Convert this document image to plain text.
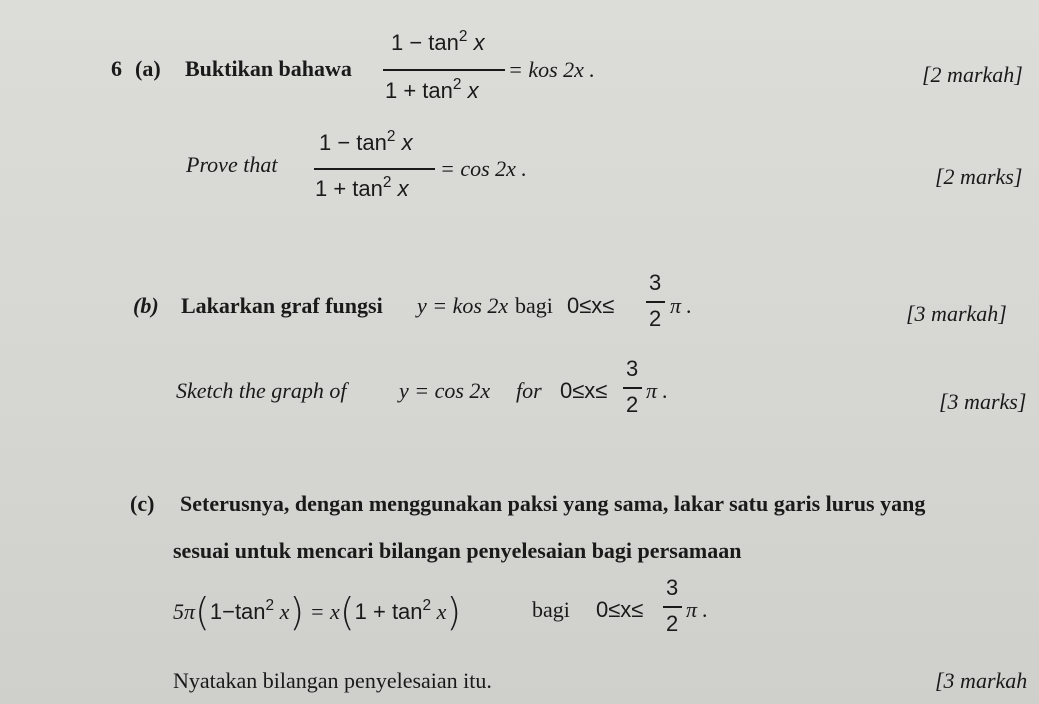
6 (a) Buktikan bahawa
$1 - \tan^2 x$
$1 + \tan^2 x$
= kos 2x .	[2 markah]
Prove that
$1 - \tan^2 x$
$1 + \tan^2 x$
= cos 2x .	[2 marks]
(b) Lakarkan graf fungsi y = kos 2x bagi 0≤x≤
3
2
π .	[3 markah]
Sketch the graph of y = cos 2x for 0≤x≤
3
2
π .	[3 marks]
(c) Seterusnya, dengan menggunakan paksi yang sama, lakar satu garis lurus yang
sesuai untuk mencari bilangan penyelesaian bagi persamaan
$5\pi(1-\tan^2$ $x) = x(1 + \tan^2 x)$	bagi 0≤x≤
3
2
π .
Nyatakan bilangan penyelesaian itu.	[3 markah
